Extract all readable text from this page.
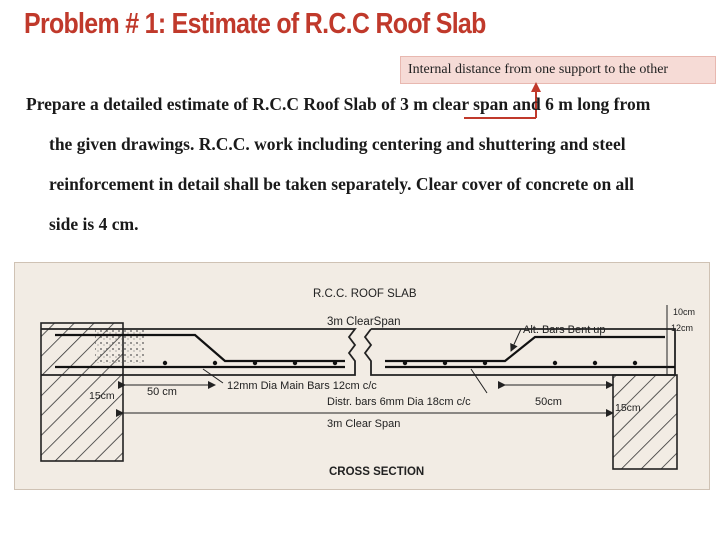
Problem # 1: Estimate of R.C.C Roof Slab
Internal distance from one support to the other
Prepare a detailed estimate of R.C.C Roof Slab of 3 m clear span and 6 m long from
the given drawings. R.C.C. work including centering and shuttering and steel
reinforcement in detail shall be taken separately. Clear cover of concrete on all
side is 4 cm.
R.C.C. ROOF SLAB
3m ClearSpan
10cm
12cm
Alt. Bars Bent up
15cm
15cm
50 cm
50cm
12mm Dia Main Bars 12cm c/c
Distr. bars 6mm Dia 18cm c/c
3m Clear Span
CROSS SECTION
